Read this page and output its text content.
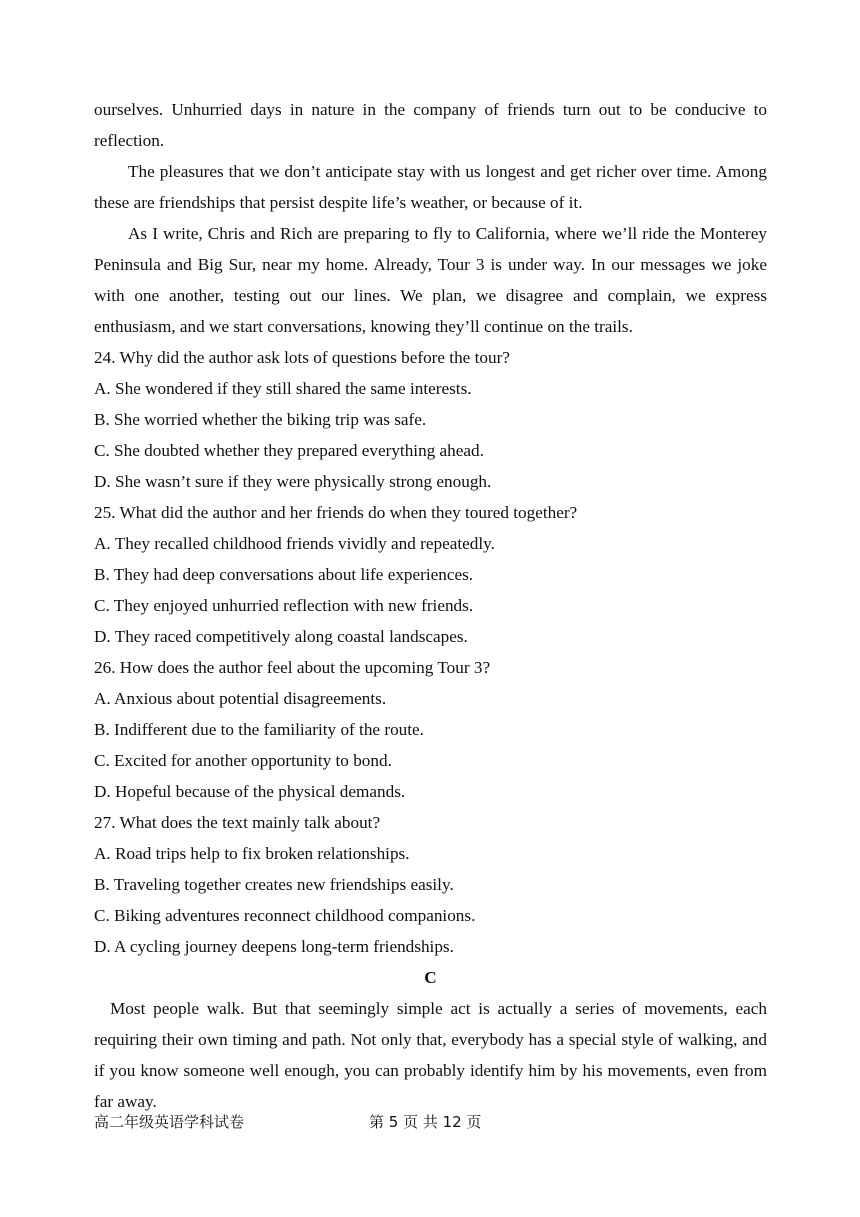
ourselves. Unhurried days in nature in the company of friends turn out to be conducive to reflection.

The pleasures that we don’t anticipate stay with us longest and get richer over time. Among these are friendships that persist despite life’s weather, or because of it.

As I write, Chris and Rich are preparing to fly to California, where we’ll ride the Monterey Peninsula and Big Sur, near my home. Already, Tour 3 is under way. In our messages we joke with one another, testing out our lines. We plan, we disagree and complain, we express enthusiasm, and we start conversations, knowing they’ll continue on the trails.

24. Why did the author ask lots of questions before the tour?

A. She wondered if they still shared the same interests.

B. She worried whether the biking trip was safe.

C. She doubted whether they prepared everything ahead.

D. She wasn’t sure if they were physically strong enough.

25. What did the author and her friends do when they toured together?

A. They recalled childhood friends vividly and repeatedly.

B. They had deep conversations about life experiences.

C. They enjoyed unhurried reflection with new friends.

D. They raced competitively along coastal landscapes.

26. How does the author feel about the upcoming Tour 3?

A. Anxious about potential disagreements.

B. Indifferent due to the familiarity of the route.

C. Excited for another opportunity to bond.

D. Hopeful because of the physical demands.

27. What does the text mainly talk about?

A. Road trips help to fix broken relationships.

B. Traveling together creates new friendships easily.

C. Biking adventures reconnect childhood companions.

D. A cycling journey deepens long-term friendships.

C

Most people walk. But that seemingly simple act is actually a series of movements, each requiring their own timing and path. Not only that, everybody has a special style of walking, and if you know someone well enough, you can probably identify him by his movements, even from far away.

高二年级英语学科试卷	第 5 页 共 12 页
